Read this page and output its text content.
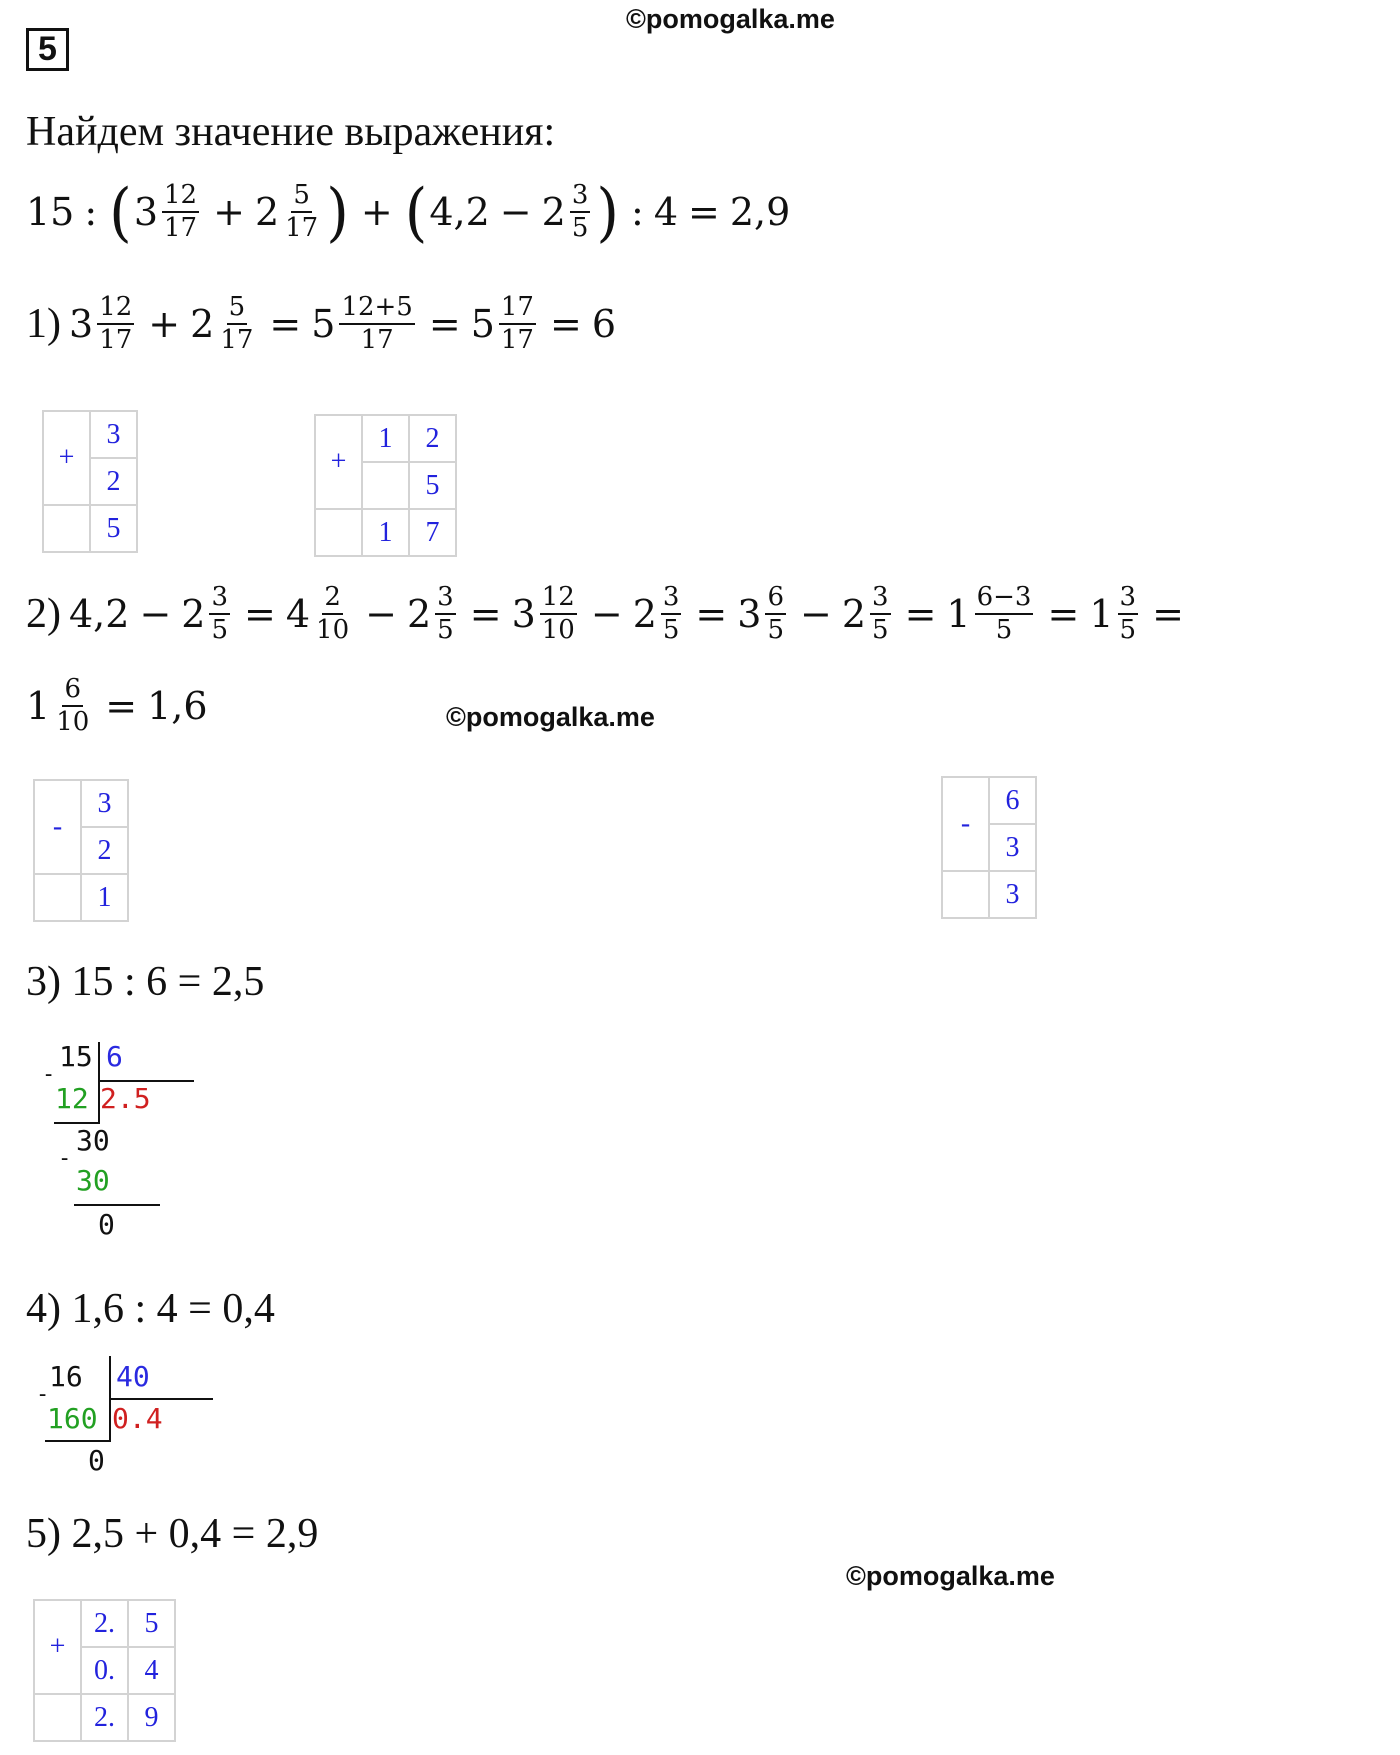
5
©pomogalka.me
Найдем значение выражения:
15 : ( $3 \frac{12}{17} + 2 \frac{5}{17}$ ) + ( $4,2 - 2 \frac{3}{5}$ ) : 4 = 2,9
1) $3 \frac{12}{17} + 2 \frac{5}{17} = 5 \frac{12+5}{17} = 5 \frac{17}{17} = 6$
+	3
	2
	5
+	1	2
		5
	1	7
2) $4,2 - 2 \frac{3}{5} = 4 \frac{2}{10} - 2 \frac{3}{5} = 3 \frac{12}{10} - 2 \frac{3}{5} = 3 \frac{6}{5} - 2 \frac{3}{5} = 1 \frac{6-3}{5} = 1 \frac{3}{5}$ =
$1 \frac{6}{10} = 1,6$	©pomogalka.me
-	3
	2
	1
-	6
	3
	3
3) 15 : 6 = 2,5
15 6
-
12 2.5
30
-
30
0
4) 1,6 : 4 = 0,4
16 40
-
160 0.4
0
5) 2,5 + 0,4 = 2,9
©pomogalka.me
+	2.	5
	0.	4
	2.	9
